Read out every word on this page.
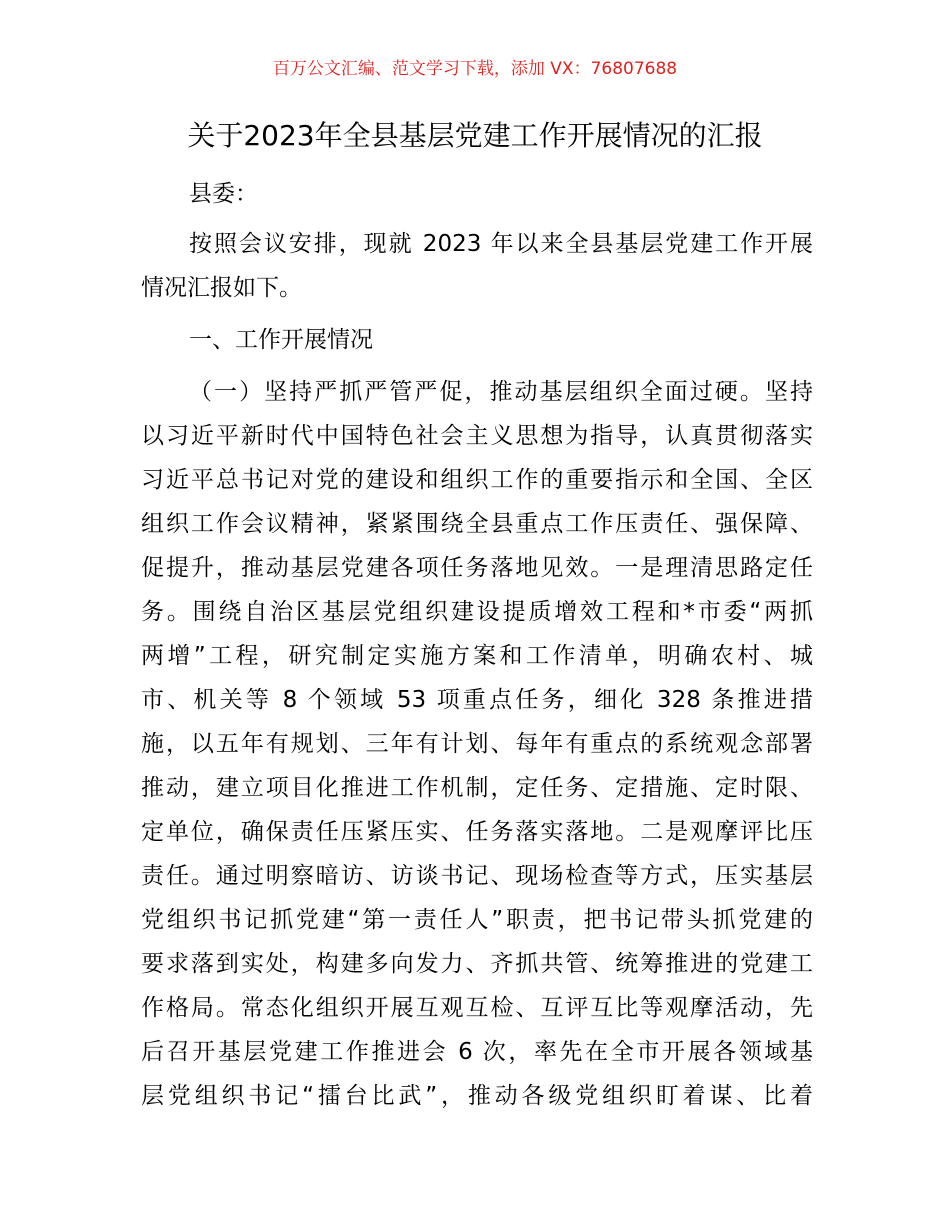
百万公文汇编、范文学习下载，添加 VX：76807688
关于2023年全县基层党建工作开展情况的汇报

县委：

按照会议安排，现就 2023 年以来全县基层党建工作开展
情况汇报如下。

一、工作开展情况

（一）坚持严抓严管严促，推动基层组织全面过硬。坚持
以习近平新时代中国特色社会主义思想为指导，认真贯彻落实
习近平总书记对党的建设和组织工作的重要指示和全国、全区
组织工作会议精神，紧紧围绕全县重点工作压责任、强保障、
促提升，推动基层党建各项任务落地见效。一是理清思路定任
务。围绕自治区基层党组织建设提质增效工程和*市委“两抓
两增”工程，研究制定实施方案和工作清单，明确农村、城
市、机关等 8 个领域 53 项重点任务，细化 328 条推进措
施，以五年有规划、三年有计划、每年有重点的系统观念部署
推动，建立项目化推进工作机制，定任务、定措施、定时限、
定单位，确保责任压紧压实、任务落实落地。二是观摩评比压
责任。通过明察暗访、访谈书记、现场检查等方式，压实基层
党组织书记抓党建“第一责任人”职责，把书记带头抓党建的
要求落到实处，构建多向发力、齐抓共管、统筹推进的党建工
作格局。常态化组织开展互观互检、互评互比等观摩活动，先
后召开基层党建工作推进会 6 次，率先在全市开展各领域基
层党组织书记“擂台比武”，推动各级党组织盯着谋、比着
